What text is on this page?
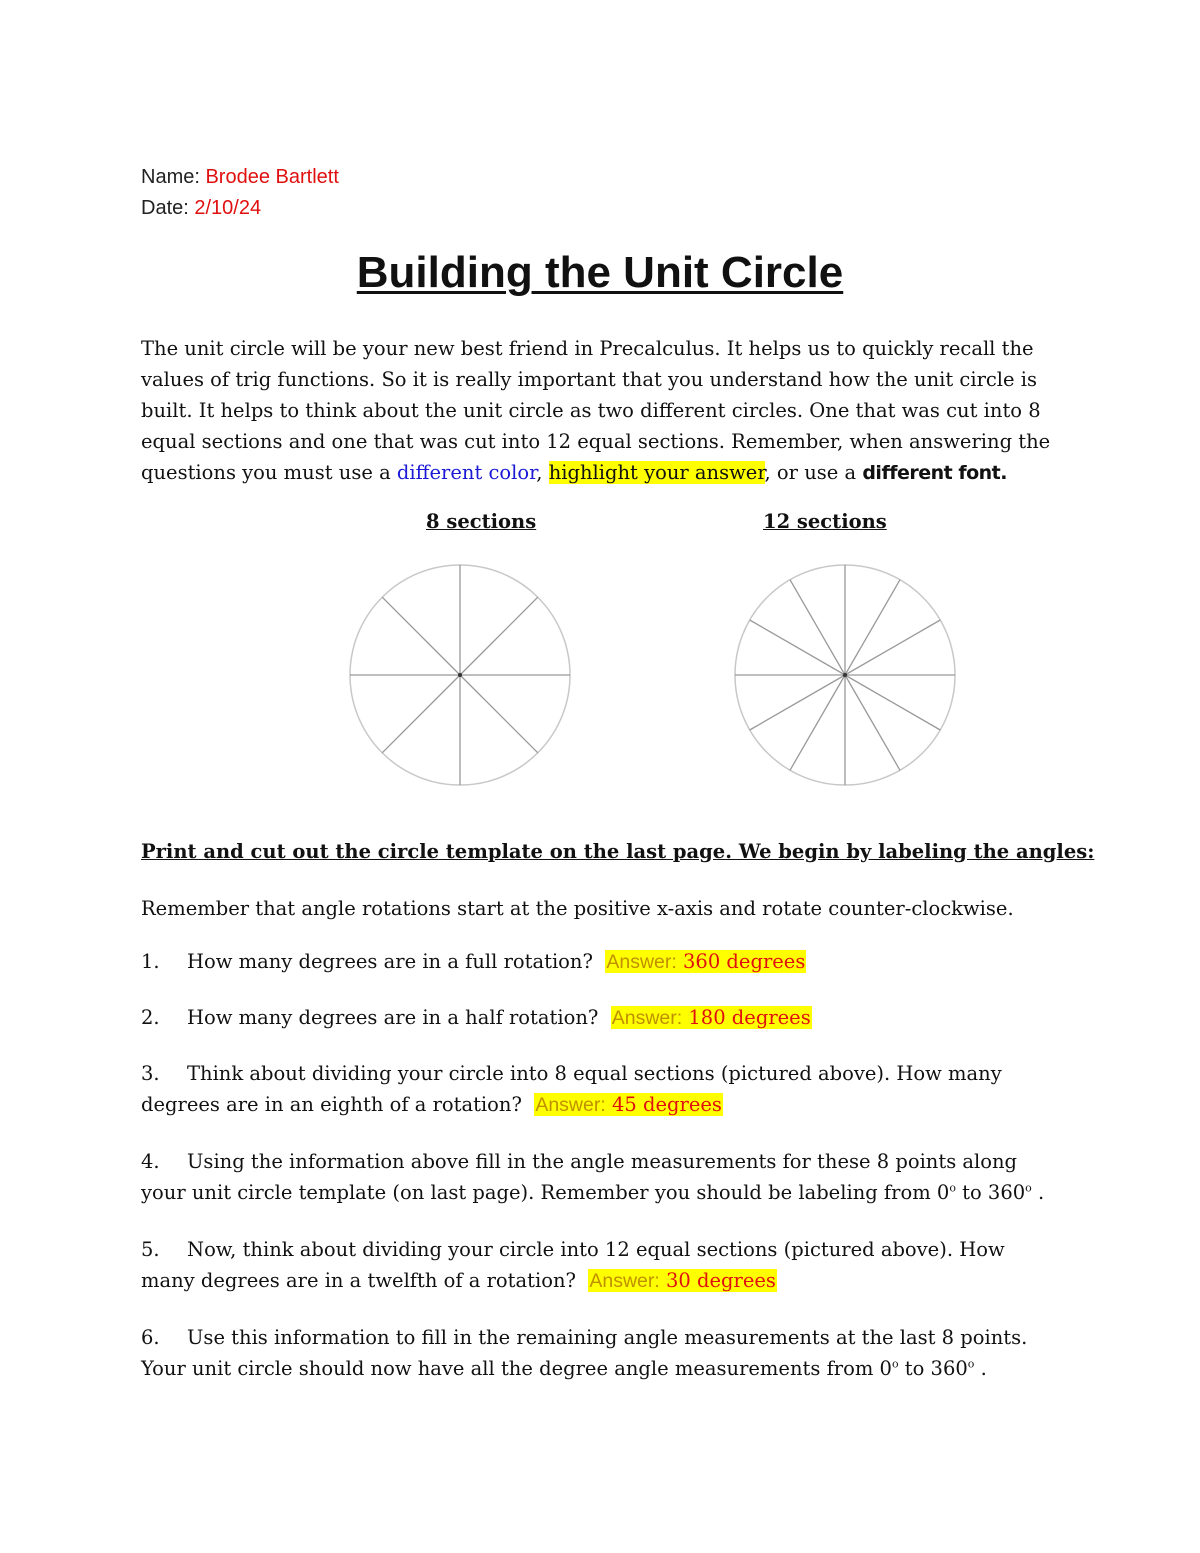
Name: Brodee Bartlett
Date: 2/10/24
Building the Unit Circle
The unit circle will be your new best friend in Precalculus. It helps us to quickly recall the values of trig functions. So it is really important that you understand how the unit circle is built. It helps to think about the unit circle as two different circles. One that was cut into 8 equal sections and one that was cut into 12 equal sections. Remember, when answering the questions you must use a different color, highlight your answer, or use a different font.
8 sections	12 sections
Print and cut out the circle template on the last page. We begin by labeling the angles:
Remember that angle rotations start at the positive x-axis and rotate counter-clockwise.
1. How many degrees are in a full rotation? Answer: 360 degrees
2. How many degrees are in a half rotation? Answer: 180 degrees
3. Think about dividing your circle into 8 equal sections (pictured above). How many
degrees are in an eighth of a rotation? Answer: 45 degrees
4. Using the information above fill in the angle measurements for these 8 points along
your unit circle template (on last page). Remember you should be labeling from 0$^o$ to 360$^o$ .
5. Now, think about dividing your circle into 12 equal sections (pictured above). How
many degrees are in a twelfth of a rotation? Answer: 30 degrees
6. Use this information to fill in the remaining angle measurements at the last 8 points.
Your unit circle should now have all the degree angle measurements from 0$^o$ to 360$^o$ .
